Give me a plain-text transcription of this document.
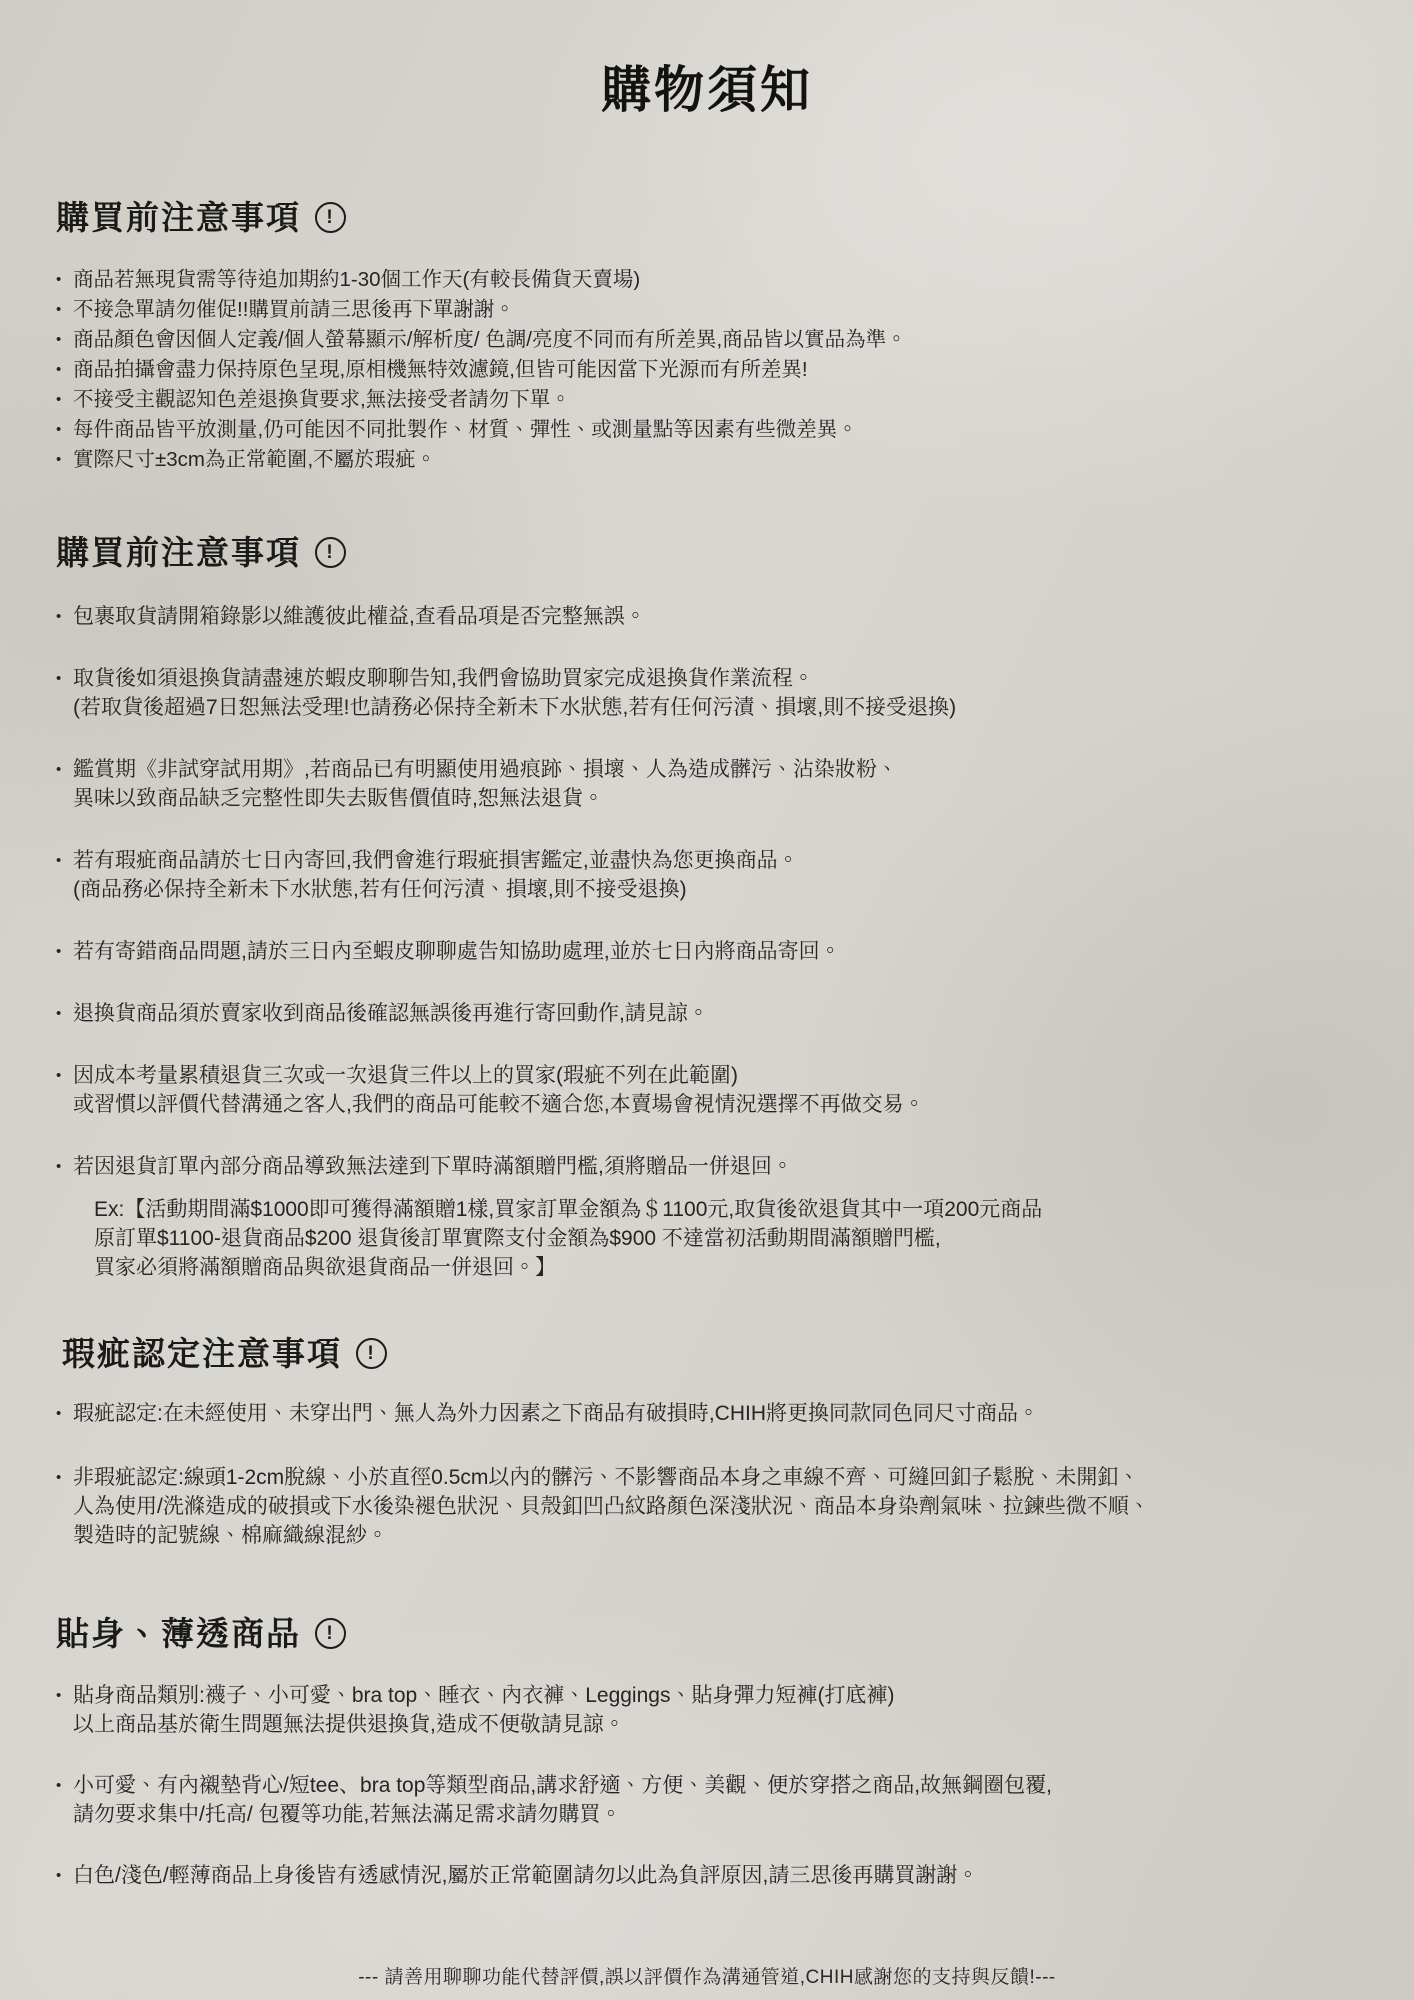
購物須知
購買前注意事項	!
• 商品若無現貨需等待追加期約1-30個工作天(有較長備貨天賣場)
• 不接急單請勿催促!!購買前請三思後再下單謝謝。
• 商品顏色會因個人定義/個人螢幕顯示/解析度/ 色調/亮度不同而有所差異,商品皆以實品為準。
• 商品拍攝會盡力保持原色呈現,原相機無特效濾鏡,但皆可能因當下光源而有所差異!
• 不接受主觀認知色差退換貨要求,無法接受者請勿下單。
• 每件商品皆平放測量,仍可能因不同批製作、材質、彈性、或測量點等因素有些微差異。
• 實際尺寸±3cm為正常範圍,不屬於瑕疵。
購買前注意事項	!
• 包裹取貨請開箱錄影以維護彼此權益,查看品項是否完整無誤。
• 取貨後如須退換貨請盡速於蝦皮聊聊告知,我們會協助買家完成退換貨作業流程。
(若取貨後超過7日恕無法受理!也請務必保持全新未下水狀態,若有任何污漬、損壞,則不接受退換)
• 鑑賞期《非試穿試用期》,若商品已有明顯使用過痕跡、損壞、人為造成髒污、沾染妝粉、
異味以致商品缺乏完整性即失去販售價值時,恕無法退貨。
• 若有瑕疵商品請於七日內寄回,我們會進行瑕疵損害鑑定,並盡快為您更換商品。
(商品務必保持全新未下水狀態,若有任何污漬、損壞,則不接受退換)
• 若有寄錯商品問題,請於三日內至蝦皮聊聊處告知協助處理,並於七日內將商品寄回。
• 退換貨商品須於賣家收到商品後確認無誤後再進行寄回動作,請見諒。
• 因成本考量累積退貨三次或一次退貨三件以上的買家(瑕疵不列在此範圍)
或習慣以評價代替溝通之客人,我們的商品可能較不適合您,本賣場會視情況選擇不再做交易。
• 若因退貨訂單內部分商品導致無法達到下單時滿額贈門檻,須將贈品一併退回。
Ex:【活動期間滿$1000即可獲得滿額贈1樣,買家訂單金額為＄1100元,取貨後欲退貨其中一項200元商品
原訂單$1100-退貨商品$200 退貨後訂單實際支付金額為$900 不達當初活動期間滿額贈門檻,
買家必須將滿額贈商品與欲退貨商品一併退回。】
瑕疵認定注意事項	!
• 瑕疵認定:在未經使用、未穿出門、無人為外力因素之下商品有破損時,CHIH將更換同款同色同尺寸商品。
• 非瑕疵認定:線頭1-2cm脫線、小於直徑0.5cm以內的髒污、不影響商品本身之車線不齊、可縫回釦子鬆脫、未開釦、
人為使用/洗滌造成的破損或下水後染褪色狀況、貝殼釦凹凸紋路顏色深淺狀況、商品本身染劑氣味、拉鍊些微不順、
製造時的記號線、棉麻織線混紗。
貼身、薄透商品	!
• 貼身商品類別:襪子、小可愛、bra top、睡衣、內衣褲、Leggings、貼身彈力短褲(打底褲)
以上商品基於衛生問題無法提供退換貨,造成不便敬請見諒。
• 小可愛、有內襯墊背心/短tee、bra top等類型商品,講求舒適、方便、美觀、便於穿搭之商品,故無鋼圈包覆,
請勿要求集中/托高/ 包覆等功能,若無法滿足需求請勿購買。
• 白色/淺色/輕薄商品上身後皆有透感情況,屬於正常範圍請勿以此為負評原因,請三思後再購買謝謝。
--- 請善用聊聊功能代替評價,誤以評價作為溝通管道,CHIH感謝您的支持與反饋!---
